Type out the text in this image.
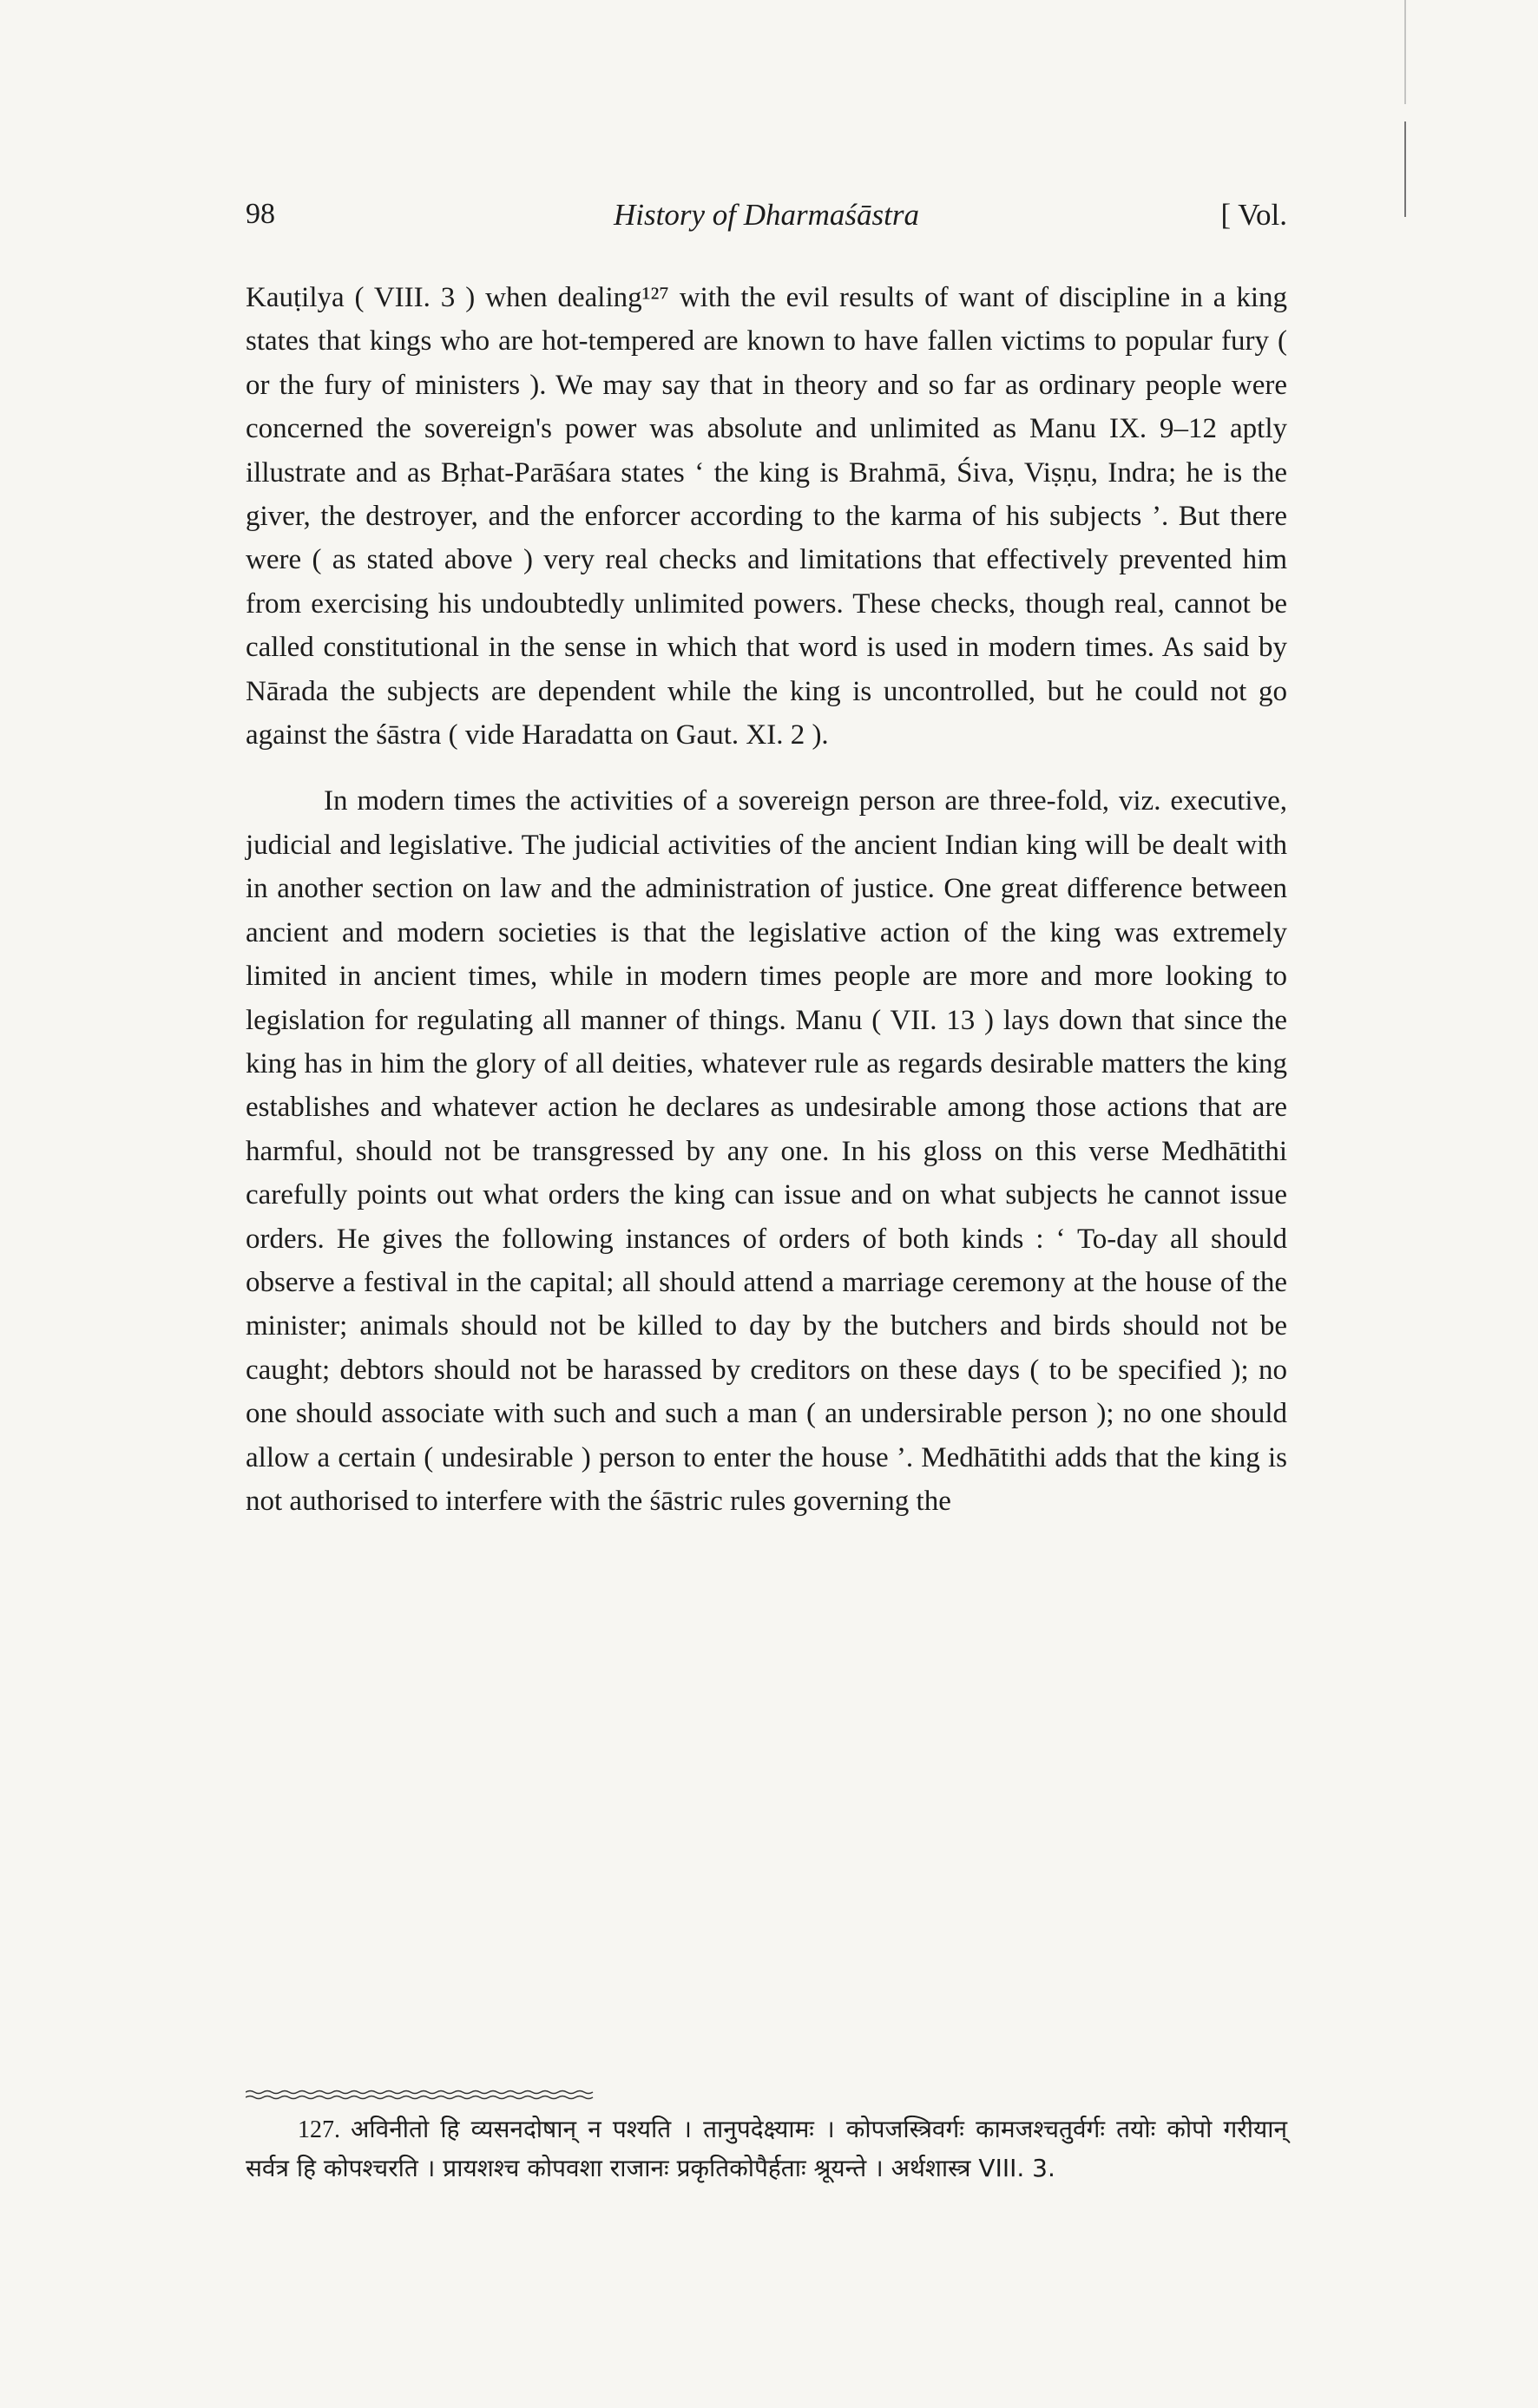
98	History of Dharmaśāstra	[ Vol.

Kauṭilya ( VIII. 3 ) when dealing¹²⁷ with the evil results of want of discipline in a king states that kings who are hot-tempered are known to have fallen victims to popular fury ( or the fury of ministers ). We may say that in theory and so far as ordinary people were concerned the sovereign's power was absolute and unlimited as Manu IX. 9–12 aptly illustrate and as Bṛhat-Parāśara states ‘ the king is Brahmā, Śiva, Viṣṇu, Indra; he is the giver, the destroyer, and the enforcer according to the karma of his subjects ’. But there were ( as stated above ) very real checks and limitations that effectively prevented him from exercising his undoubtedly unlimited powers. These checks, though real, cannot be called constitutional in the sense in which that word is used in modern times. As said by Nārada the subjects are dependent while the king is uncontrolled, but he could not go against the śāstra ( vide Haradatta on Gaut. XI. 2 ).

In modern times the activities of a sovereign person are three-fold, viz. executive, judicial and legislative. The judicial activities of the ancient Indian king will be dealt with in another section on law and the administration of justice. One great difference between ancient and modern societies is that the legislative action of the king was extremely limited in ancient times, while in modern times people are more and more looking to legislation for regulating all manner of things. Manu ( VII. 13 ) lays down that since the king has in him the glory of all deities, whatever rule as regards desirable matters the king establishes and whatever action he declares as undesirable among those actions that are harmful, should not be transgressed by any one. In his gloss on this verse Medhātithi carefully points out what orders the king can issue and on what subjects he cannot issue orders. He gives the following instances of orders of both kinds : ‘ To-day all should observe a festival in the capital; all should attend a marriage ceremony at the house of the minister; animals should not be killed to day by the butchers and birds should not be caught; debtors should not be harassed by creditors on these days ( to be specified ); no one should associate with such and such a man ( an undersirable person ); no one should allow a certain ( undesirable ) person to enter the house ’. Medhātithi adds that the king is not authorised to interfere with the śāstric rules governing the

127. अविनीतो हि व्यसनदोषान् न पश्यति । तानुपदेक्ष्यामः । कोपजस्त्रिवर्गः कामजश्चतुर्वर्गः तयोः कोपो गरीयान् सर्वत्र हि कोपश्चरति । प्रायशश्च कोपवशा राजानः प्रकृतिकोपैर्हताः श्रूयन्ते । अर्थशास्त्र VIII. 3.
